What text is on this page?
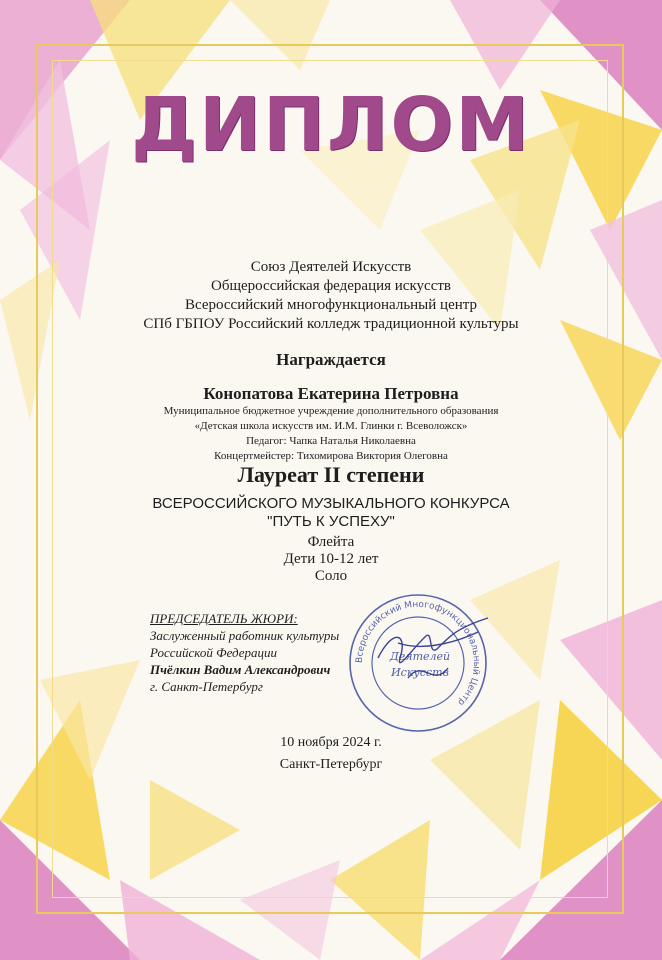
ДИПЛОМ
Союз Деятелей Искусств
Общероссийская федерация искусств
Всероссийский многофункциональный центр
СПб ГБПОУ Российский колледж традиционной культуры
Награждается
Конопатова Екатерина Петровна
Муниципальное бюджетное учреждение дополнительного образования
«Детская школа искусств им. И.М. Глинки г. Всеволожск»
Педагог: Чапка Наталья Николаевна
Концертмейстер: Тихомирова Виктория Олеговна
Лауреат II степени
ВСЕРОССИЙСКОГО МУЗЫКАЛЬНОГО КОНКУРСА
"ПУТЬ К УСПЕХУ"
Флейта
Дети 10-12 лет
Соло
ПРЕДСЕДАТЕЛЬ ЖЮРИ:
Заслуженный работник культуры
Российской Федерации
Пчёлкин Вадим Александрович
г. Санкт-Петербург
Всероссийский Многофункциональный Центр
Деятелей
Искусств
10 ноября 2024 г.
Санкт-Петербург
